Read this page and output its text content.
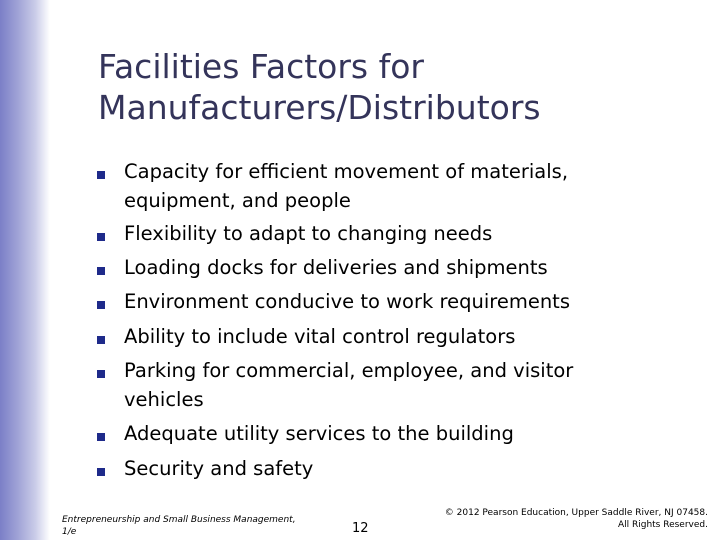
Facilities Factors for
Manufacturers/Distributors
Capacity for efficient movement of materials,
equipment, and people
Flexibility to adapt to changing needs
Loading docks for deliveries and shipments
Environment conducive to work requirements
Ability to include vital control regulators
Parking for commercial, employee, and visitor
vehicles
Adequate utility services to the building
Security and safety
Entrepreneurship and Small Business Management,
1/e	12
© 2012 Pearson Education, Upper Saddle River, NJ 07458.
All Rights Reserved.
